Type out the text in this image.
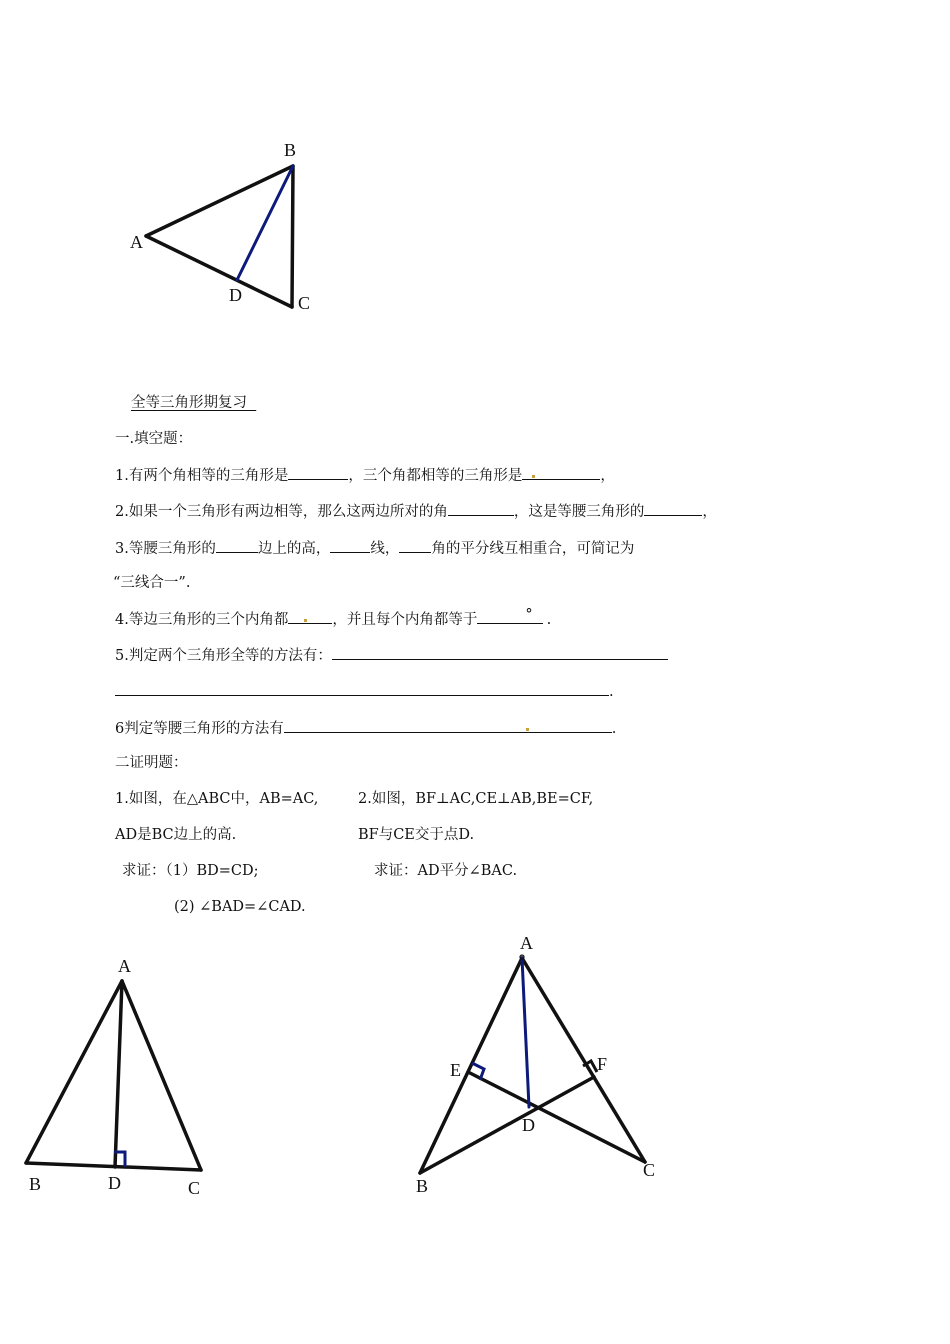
B
A
D	C
全等三角形期复习
一.填空题：
1.有两个角相等的三角形是	，三个角都相等的三角形是	，
2.如果一个三角形有两边相等，那么这两边所对的角	，这是等腰三角形的	，
3.等腰三角形的	边上的高，	线， 角的平分线互相重合，可简记为
“三线合一”.
4.等边三角形的三个内角都	，并且每个内角都等于	° .
5.判定两个三角形全等的方法有：
.
6判定等腰三角形的方法有	.
二证明题：
1.如图，在△ABC中，AB=AC,
AD是BC边上的高.
求证：（1）BD=CD;
(2) ∠BAD=∠CAD.
2.如图，BF⊥AC,CE⊥AB,BE=CF,
BF与CE交于点D.
求证：AD平分∠BAC.
A
B	D	C
A
E	F
D
B
C
